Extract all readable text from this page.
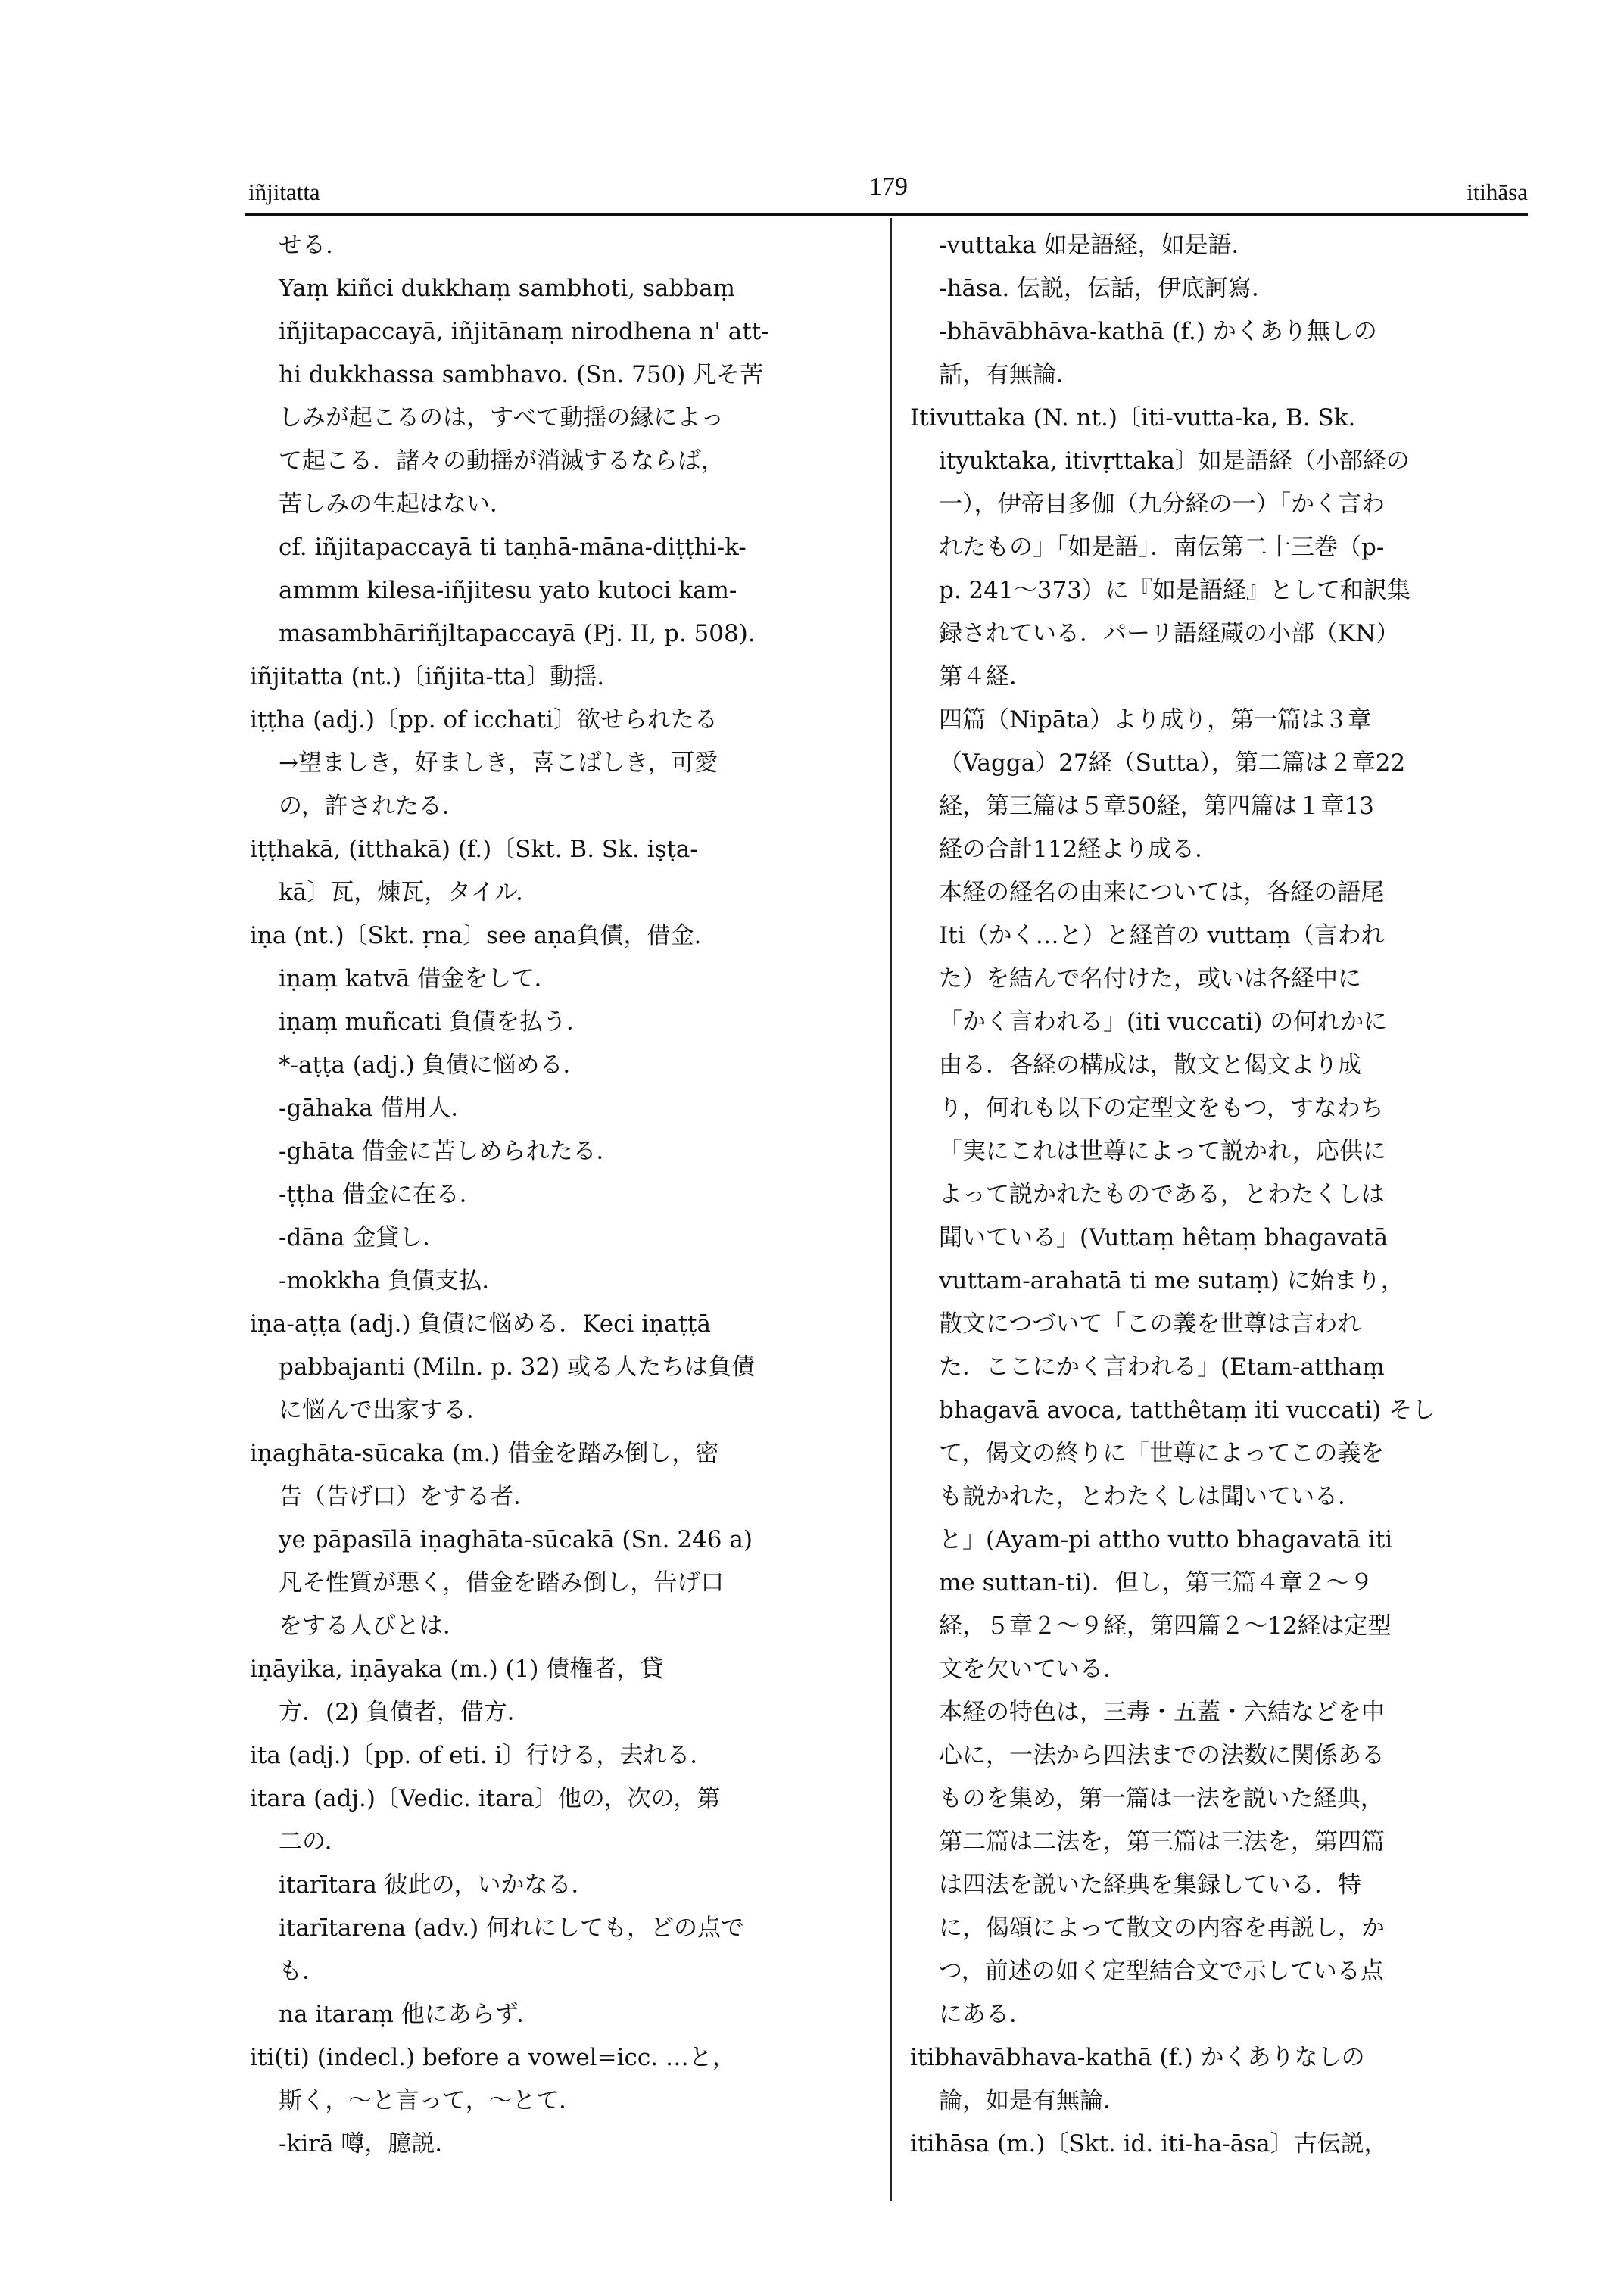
iñjitatta	179	itihāsa

せる.

Yaṃ kiñci dukkhaṃ sambhoti, sabbaṃ

iñjitapaccayā, iñjitānaṃ nirodhena n' att-

hi dukkhassa sambhavo. (Sn. 750) 凡そ苦

しみが起こるのは，すべて動揺の縁によっ

て起こる．諸々の動揺が消滅するならば，

苦しみの生起はない．

cf. iñjitapaccayā ti taṇhā-māna-diṭṭhi-k-

ammm kilesa-iñjitesu yato kutoci kam-

masambhāriñjltapaccayā (Pj. II, p. 508).

iñjitatta (nt.)〔iñjita-tta〕動揺.

iṭṭha (adj.)〔pp. of icchati〕欲せられたる

→望ましき，好ましき，喜こばしき，可愛

の，許されたる．

iṭṭhakā, (itthakā) (f.)〔Skt. B. Sk. iṣṭa-

kā〕瓦，煉瓦，タイル．

iṇa (nt.)〔Skt. ṛna〕see aṇa負債，借金.

iṇaṃ katvā 借金をして．

iṇaṃ muñcati 負債を払う．

*-aṭṭa (adj.) 負債に悩める．

-gāhaka 借用人．

-ghāta 借金に苦しめられたる．

-ṭṭha 借金に在る．

-dāna 金貸し．

-mokkha 負債支払．

iṇa-aṭṭa (adj.) 負債に悩める．Keci iṇaṭṭā

pabbajanti (Miln. p. 32) 或る人たちは負債

に悩んで出家する．

iṇaghāta-sūcaka (m.) 借金を踏み倒し，密

告（告げ口）をする者．

ye pāpasīlā iṇaghāta-sūcakā (Sn. 246 a)

凡そ性質が悪く，借金を踏み倒し，告げ口

をする人びとは．

iṇāyika, iṇāyaka (m.) (1) 債権者，貸

方．(2) 負債者，借方．

ita (adj.)〔pp. of eti. i〕行ける，去れる．

itara (adj.)〔Vedic. itara〕他の，次の，第

二の．

itarītara 彼此の，いかなる．

itarītarena (adv.) 何れにしても，どの点で

も．

na itaraṃ 他にあらず．

iti(ti) (indecl.) before a vowel=icc. …と，

斯く，～と言って，～とて．

-kirā 噂，臆説．

-vuttaka 如是語経，如是語．

-hāsa. 伝説，伝話，伊底訶寫．

-bhāvābhāva-kathā (f.) かくあり無しの

話，有無論．

Itivuttaka (N. nt.)〔iti-vutta-ka, B. Sk.

ityuktaka, itivṛttaka〕如是語経（小部経の

一），伊帝目多伽（九分経の一）「かく言わ

れたもの」「如是語」．南伝第二十三巻（p-

p. 241～373）に『如是語経』として和訳集

録されている．パーリ語経蔵の小部（KN）

第４経．

四篇（Nipāta）より成り，第一篇は３章

（Vagga）27経（Sutta），第二篇は２章22

経，第三篇は５章50経，第四篇は１章13

経の合計112経より成る．

本経の経名の由来については，各経の語尾

Iti（かく…と）と経首の vuttaṃ（言われ

た）を結んで名付けた，或いは各経中に

「かく言われる」(iti vuccati) の何れかに

由る．各経の構成は，散文と偈文より成

り，何れも以下の定型文をもつ，すなわち

「実にこれは世尊によって説かれ，応供に

よって説かれたものである，とわたくしは

聞いている」(Vuttaṃ hêtaṃ bhagavatā

vuttam-arahatā ti me sutaṃ) に始まり，

散文につづいて「この義を世尊は言われ

た．ここにかく言われる」(Etam-atthaṃ

bhagavā avoca, tatthêtaṃ iti vuccati) そし

て，偈文の終りに「世尊によってこの義を

も説かれた，とわたくしは聞いている．

と」(Ayam-pi attho vutto bhagavatā iti

me suttan-ti)．但し，第三篇４章２～９

経，５章２～９経，第四篇２～12経は定型

文を欠いている．

本経の特色は，三毒・五蓋・六結などを中

心に，一法から四法までの法数に関係ある

ものを集め，第一篇は一法を説いた経典，

第二篇は二法を，第三篇は三法を，第四篇

は四法を説いた経典を集録している．特

に，偈頌によって散文の内容を再説し，か

つ，前述の如く定型結合文で示している点

にある．

itibhavābhava-kathā (f.) かくありなしの

論，如是有無論．

itihāsa (m.)〔Skt. id. iti-ha-āsa〕古伝説，
